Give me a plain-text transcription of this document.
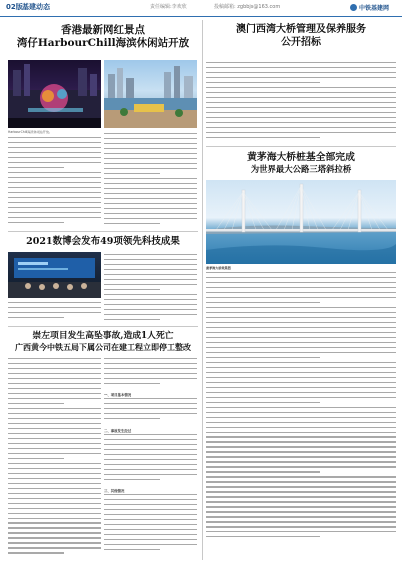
02版 基建动态	责任编辑:李欢欣	投稿邮箱: zgbbjs@163.com	中铁基建网
香港最新网红景点
湾仔HarbourChill海滨休闲站开放
HarbourChill海滨休闲站开放。
2021数博会发布49项领先科技成果
崇左项目发生高坠事故,造成1人死亡
广西黄今中铁五局下属公司在建工程立即停工整改
一、项目基本情况
二、事故发生经过
三、其他情况
澳门西湾大桥管理及保养服务
公开招标
黄茅海大桥桩基全部完成
为世界最大公路三塔斜拉桥
黄茅海大桥效果图
